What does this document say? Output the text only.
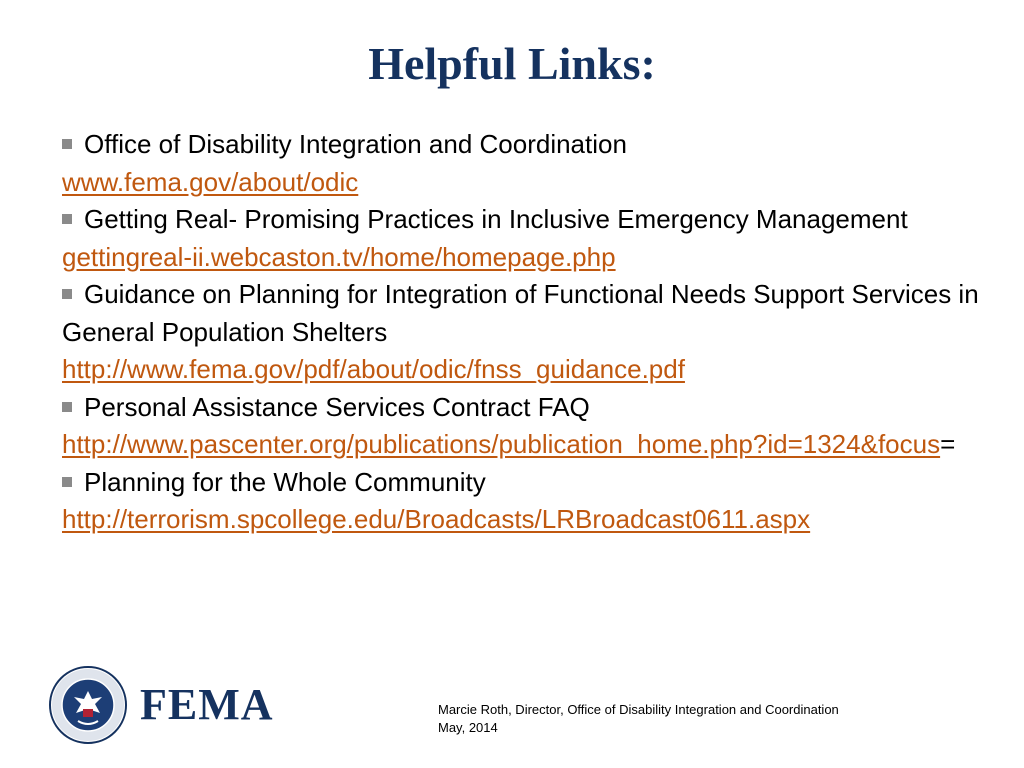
Helpful Links:

Office of Disability Integration and Coordination
www.fema.gov/about/odic

Getting Real- Promising Practices in Inclusive Emergency Management
gettingreal-ii.webcaston.tv/home/homepage.php

Guidance on Planning for Integration of Functional Needs Support Services in General Population Shelters
http://www.fema.gov/pdf/about/odic/fnss_guidance.pdf

Personal Assistance Services Contract FAQ
http://www.pascenter.org/publications/publication_home.php?id=1324&focus=

Planning for the Whole Community
http://terrorism.spcollege.edu/Broadcasts/LRBroadcast0611.aspx

FEMA	Marcie Roth, Director, Office of Disability Integration and Coordination
May, 2014
